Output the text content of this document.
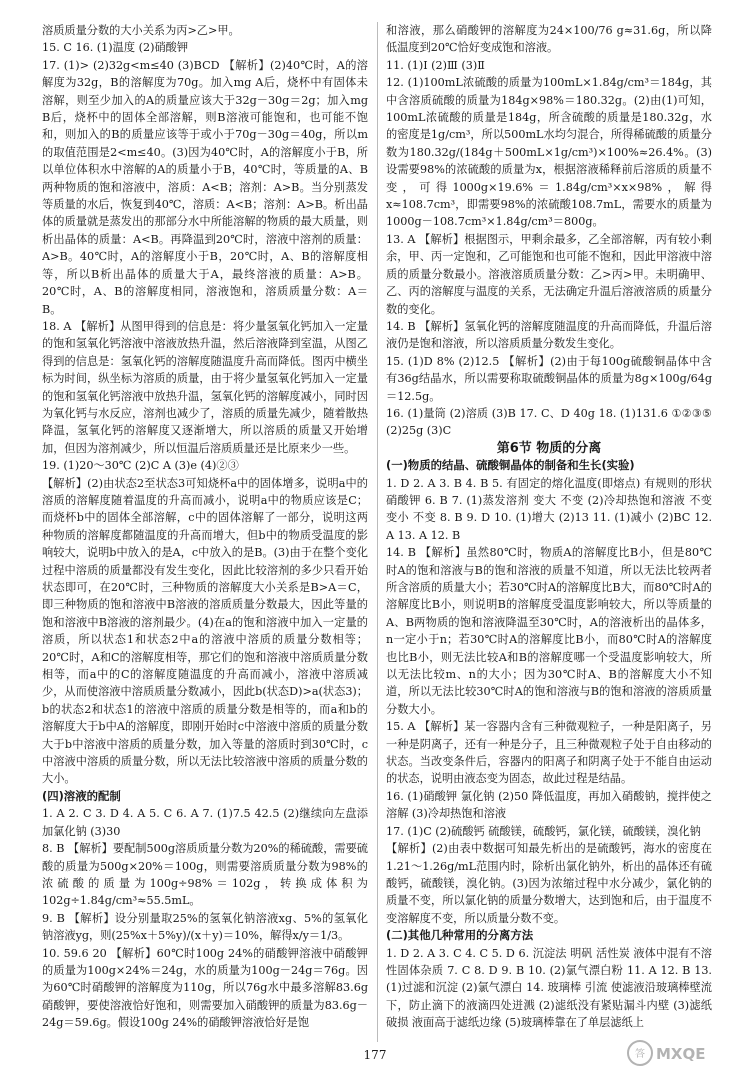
溶质质量分数的大小关系为丙>乙>甲。

15. C 16. (1)温度 (2)硝酸钾

17. (1)> (2)32g<m≤40 (3)BCD 【解析】(2)40℃时，A的溶解度为32g，B的溶解度为70g。加入mg A后，烧杯中有固体未溶解，则至少加入的A的质量应该大于32g－30g＝2g；加入mg B后，烧杯中的固体全部溶解，则B溶液可能饱和，也可能不饱和，则加入的B的质量应该等于或小于70g－30g＝40g，所以m的取值范围是2<m≤40。(3)因为40℃时，A的溶解度小于B，所以单位体积水中溶解的A的质量小于B，40℃时，等质量的A、B两种物质的饱和溶液中，溶质：A<B；溶剂：A>B。当分别蒸发等质量的水后，恢复到40℃，溶质：A<B；溶剂：A>B。析出晶体的质量就是蒸发出的那部分水中所能溶解的物质的最大质量，则析出晶体的质量：A<B。再降温到20℃时，溶液中溶剂的质量：A>B。40℃时，A的溶解度小于B，20℃时，A、B的溶解度相等，所以B析出晶体的质量大于A，最终溶液的质量：A>B。20℃时，A、B的溶解度相同，溶液饱和，溶质质量分数：A＝B。

18. A 【解析】从图甲得到的信息是：将少量氢氧化钙加入一定量的饱和氢氧化钙溶液中溶液放热升温，然后溶液降到室温，从图乙得到的信息是：氢氧化钙的溶解度随温度升高而降低。图丙中横坐标为时间，纵坐标为溶质的质量，由于将少量氢氧化钙加入一定量的饱和氢氧化钙溶液中放热升温，氢氧化钙的溶解度减小，同时因为氧化钙与水反应，溶剂也减少了，溶质的质量先减少，随着散热降温，氢氧化钙的溶解度又逐渐增大，所以溶质的质量又开始增加，但因为溶剂减少，所以恒温后溶质质量还是比原来少一些。

19. (1)20～30℃ (2)C A (3)e (4)②③

【解析】(2)由状态2至状态3可知烧杯a中的固体增多，说明a中的溶质的溶解度随着温度的升高而减小，说明a中的物质应该是C；而烧杯b中的固体全部溶解，c中的固体溶解了一部分，说明这两种物质的溶解度都随温度的升高而增大，但b中的物质受温度的影响较大，说明b中放入的是A，c中放入的是B。(3)由于在整个变化过程中溶质的质量都没有发生变化，因此比较溶剂的多少只看开始状态即可，在20℃时，三种物质的溶解度大小关系是B>A＝C，即三种物质的饱和溶液中B溶液的溶质质量分数最大，因此等量的饱和溶液中B溶液的溶剂最少。(4)在a的饱和溶液中加入一定量的溶质，所以状态1和状态2中a的溶液中溶质的质量分数相等；20℃时，A和C的溶解度相等，那它们的饱和溶液中溶质质量分数相等，而a中的C的溶解度随温度的升高而减小，溶液中溶质减少，从而使溶液中溶质质量分数减小，因此b(状态D)>a(状态3)；b的状态2和状态1的溶液中溶质的质量分数是相等的，而a和b的溶解度大于b中A的溶解度，即刚开始时c中溶液中溶质的质量分数大于b中溶液中溶质的质量分数，加入等量的溶质时到30℃时，c中溶液中溶质的质量分数，所以无法比较溶液中溶质的质量分数的大小。

(四)溶液的配制

1. A 2. C 3. D 4. A 5. C 6. A 7. (1)7.5 42.5 (2)继续向左盘添加氯化钠 (3)30

8. B 【解析】要配制500g溶质质量分数为20%的稀硫酸，需要硫酸的质量为500g×20%＝100g，则需要溶质质量分数为98%的浓硫酸的质量为100g÷98%＝102g，转换成体积为102g÷1.84g/cm³≈55.5mL。

9. B 【解析】设分别量取25%的氢氧化钠溶液xg、5%的氢氧化钠溶液yg，则(25%x＋5%y)/(x＋y)＝10%，解得x/y＝1/3。

10. 59.6 20 【解析】60℃时100g 24%的硝酸钾溶液中硝酸钾的质量为100g×24%＝24g，水的质量为100g－24g＝76g。因为60℃时硝酸钾的溶解度为110g，所以76g水中最多溶解83.6g硝酸钾，要使溶液恰好饱和，则需要加入硝酸钾的质量为83.6g－24g＝59.6g。假设100g 24%的硝酸钾溶液恰好是饱

和溶液，那么硝酸钾的溶解度为24×100/76 g≈31.6g，所以降低温度到20℃恰好变成饱和溶液。

11. (1)Ⅰ (2)Ⅲ (3)Ⅱ

12. (1)100mL浓硫酸的质量为100mL×1.84g/cm³＝184g，其中含溶质硫酸的质量为184g×98%＝180.32g。(2)由(1)可知，100mL浓硫酸的质量是184g，所含硫酸的质量是180.32g，水的密度是1g/cm³，所以500mL水均匀混合，所得稀硫酸的质量分数为180.32g/(184g＋500mL×1g/cm³)×100%≈26.4%。(3)设需要98%的浓硫酸的质量为x，根据溶液稀释前后溶质的质量不变，可得1000g×19.6%＝1.84g/cm³×x×98%，解得x≈108.7cm³，即需要98%的浓硫酸108.7mL，需要水的质量为1000g－108.7cm³×1.84g/cm³＝800g。

13. A 【解析】根据图示，甲剩余最多，乙全部溶解，丙有较小剩余，甲、丙一定饱和，乙可能饱和也可能不饱和，因此甲溶液中溶质的质量分数最小。溶液溶质质量分数：乙>丙>甲。未明确甲、乙、丙的溶解度与温度的关系，无法确定升温后溶液溶质的质量分数的变化。

14. B 【解析】氢氧化钙的溶解度随温度的升高而降低，升温后溶液仍是饱和溶液，所以溶质质量分数发生变化。

15. (1)D 8% (2)12.5 【解析】(2)由于每100g硫酸铜晶体中含有36g结晶水，所以需要称取硫酸铜晶体的质量为8g×100g/64g＝12.5g。

16. (1)量筒 (2)溶质 (3)B 17. C、D 40g 18. (1)131.6 ①②③⑤ (2)25g (3)C

第6节 物质的分离

(一)物质的结晶、硫酸铜晶体的制备和生长(实验)

1. D 2. A 3. B 4. B 5. 有固定的熔化温度(即熔点) 有规则的形状 硝酸钾 6. B 7. (1)蒸发溶剂 变大 不变 (2)冷却热饱和溶液 不变 变小 不变 8. B 9. D 10. (1)增大 (2)13 11. (1)减小 (2)BC 12. A 13. A 12. B

14. B 【解析】虽然80℃时，物质A的溶解度比B小，但是80℃时A的饱和溶液与B的饱和溶液的质量不知道，所以无法比较两者所含溶质的质量大小；若30℃时A的溶解度比B大，而80℃时A的溶解度比B小，则说明B的溶解度受温度影响较大，所以等质量的A、B两物质的饱和溶液降温至30℃时，A的溶液析出的晶体多，n一定小于n；若30℃时A的溶解度比B小，而80℃时A的溶解度也比B小，则无法比较A和B的溶解度哪一个受温度影响较大，所以无法比较m、n的大小；因为30℃时A、B的溶解度大小不知道，所以无法比较30℃时A的饱和溶液与B的饱和溶液的溶质质量分数大小。

15. A 【解析】某一容器内含有三种微观粒子，一种是阳离子，另一种是阴离子，还有一种是分子，且三种微观粒子处于自由移动的状态。当改变条件后，容器内的阳离子和阴离子处于不能自由运动的状态，说明由液态变为固态，故此过程是结晶。

16. (1)硝酸钾 氯化钠 (2)50 降低温度，再加入硝酸钠，搅拌使之溶解 (3)冷却热饱和溶液

17. (1)C (2)硫酸钙 硫酸镁，硫酸钙，氯化镁，硫酸镁，溴化钠

【解析】(2)由表中数据可知最先析出的是硫酸钙，海水的密度在1.21～1.26g/mL范围内时，除析出氯化钠外，析出的晶体还有硫酸钙，硫酸镁，溴化钠。(3)因为浓缩过程中水分减少，氯化钠的质量不变，所以氯化钠的质量分数增大，达到饱和后，由于温度不变溶解度不变，所以质量分数不变。

(二)其他几种常用的分离方法

1. D 2. A 3. C 4. C 5. D 6. 沉淀法 明矾 活性炭 液体中混有不溶性固体杂质 7. C 8. D 9. B 10. (2)氯气漂白粉 11. A 12. B 13. (1)过滤和沉淀 (2)氯气漂白 14. 玻璃棒 引流 使滤液沿玻璃棒壁流下，防止滴下的液滴四处迸溅 (2)滤纸没有紧贴漏斗内壁 (3)滤纸破损 液面高于滤纸边缘 (5)玻璃棒靠在了单层滤纸上

177	答 MXQE
